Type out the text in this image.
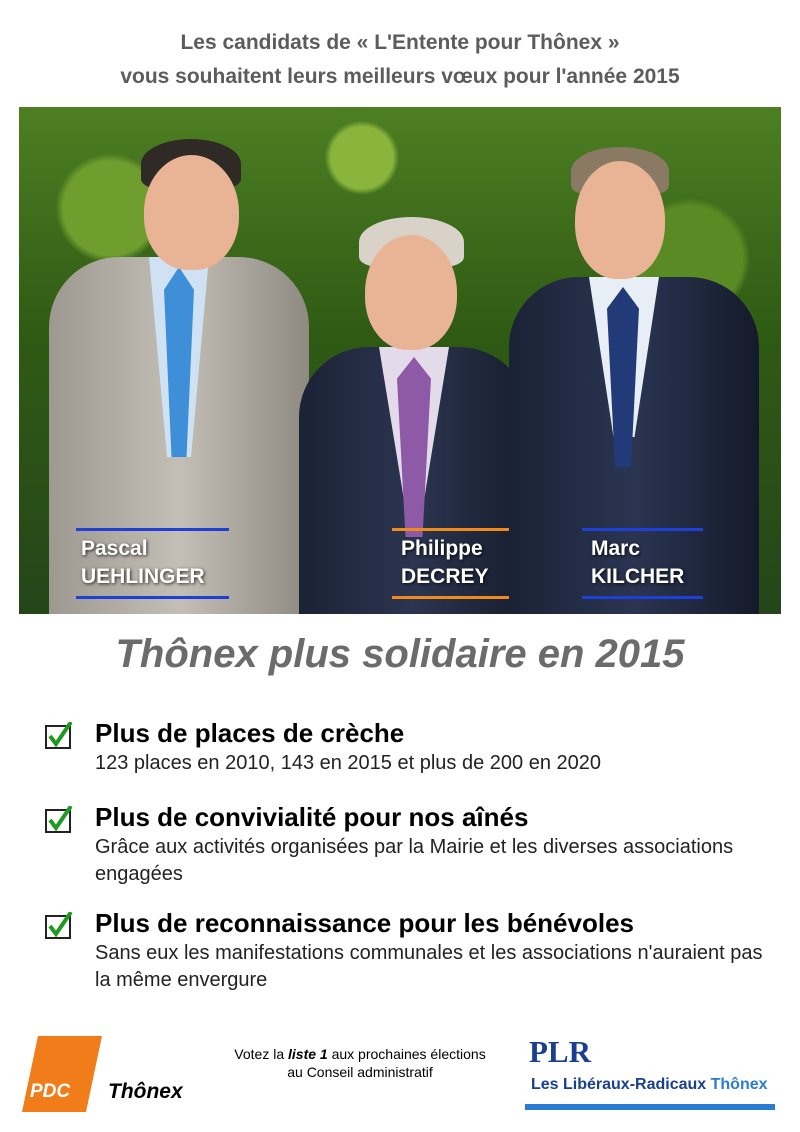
Les candidats de « L'Entente pour Thônex »
vous souhaitent leurs meilleurs vœux pour l'année 2015
Pascal
UEHLINGER
Philippe
DECREY
Marc
KILCHER
Thônex plus solidaire en 2015
Plus de places de crèche
123 places en 2010, 143 en 2015 et plus de 200 en 2020
Plus de convivialité pour nos aînés
Grâce aux activités organisées par la Mairie et les diverses associations engagées
Plus de reconnaissance pour les bénévoles
Sans eux les manifestations communales et les associations n'auraient pas la même envergure
PDC Thônex
Votez la liste 1 aux prochaines élections
au Conseil administratif
PLR
Les Libéraux-Radicaux Thônex
